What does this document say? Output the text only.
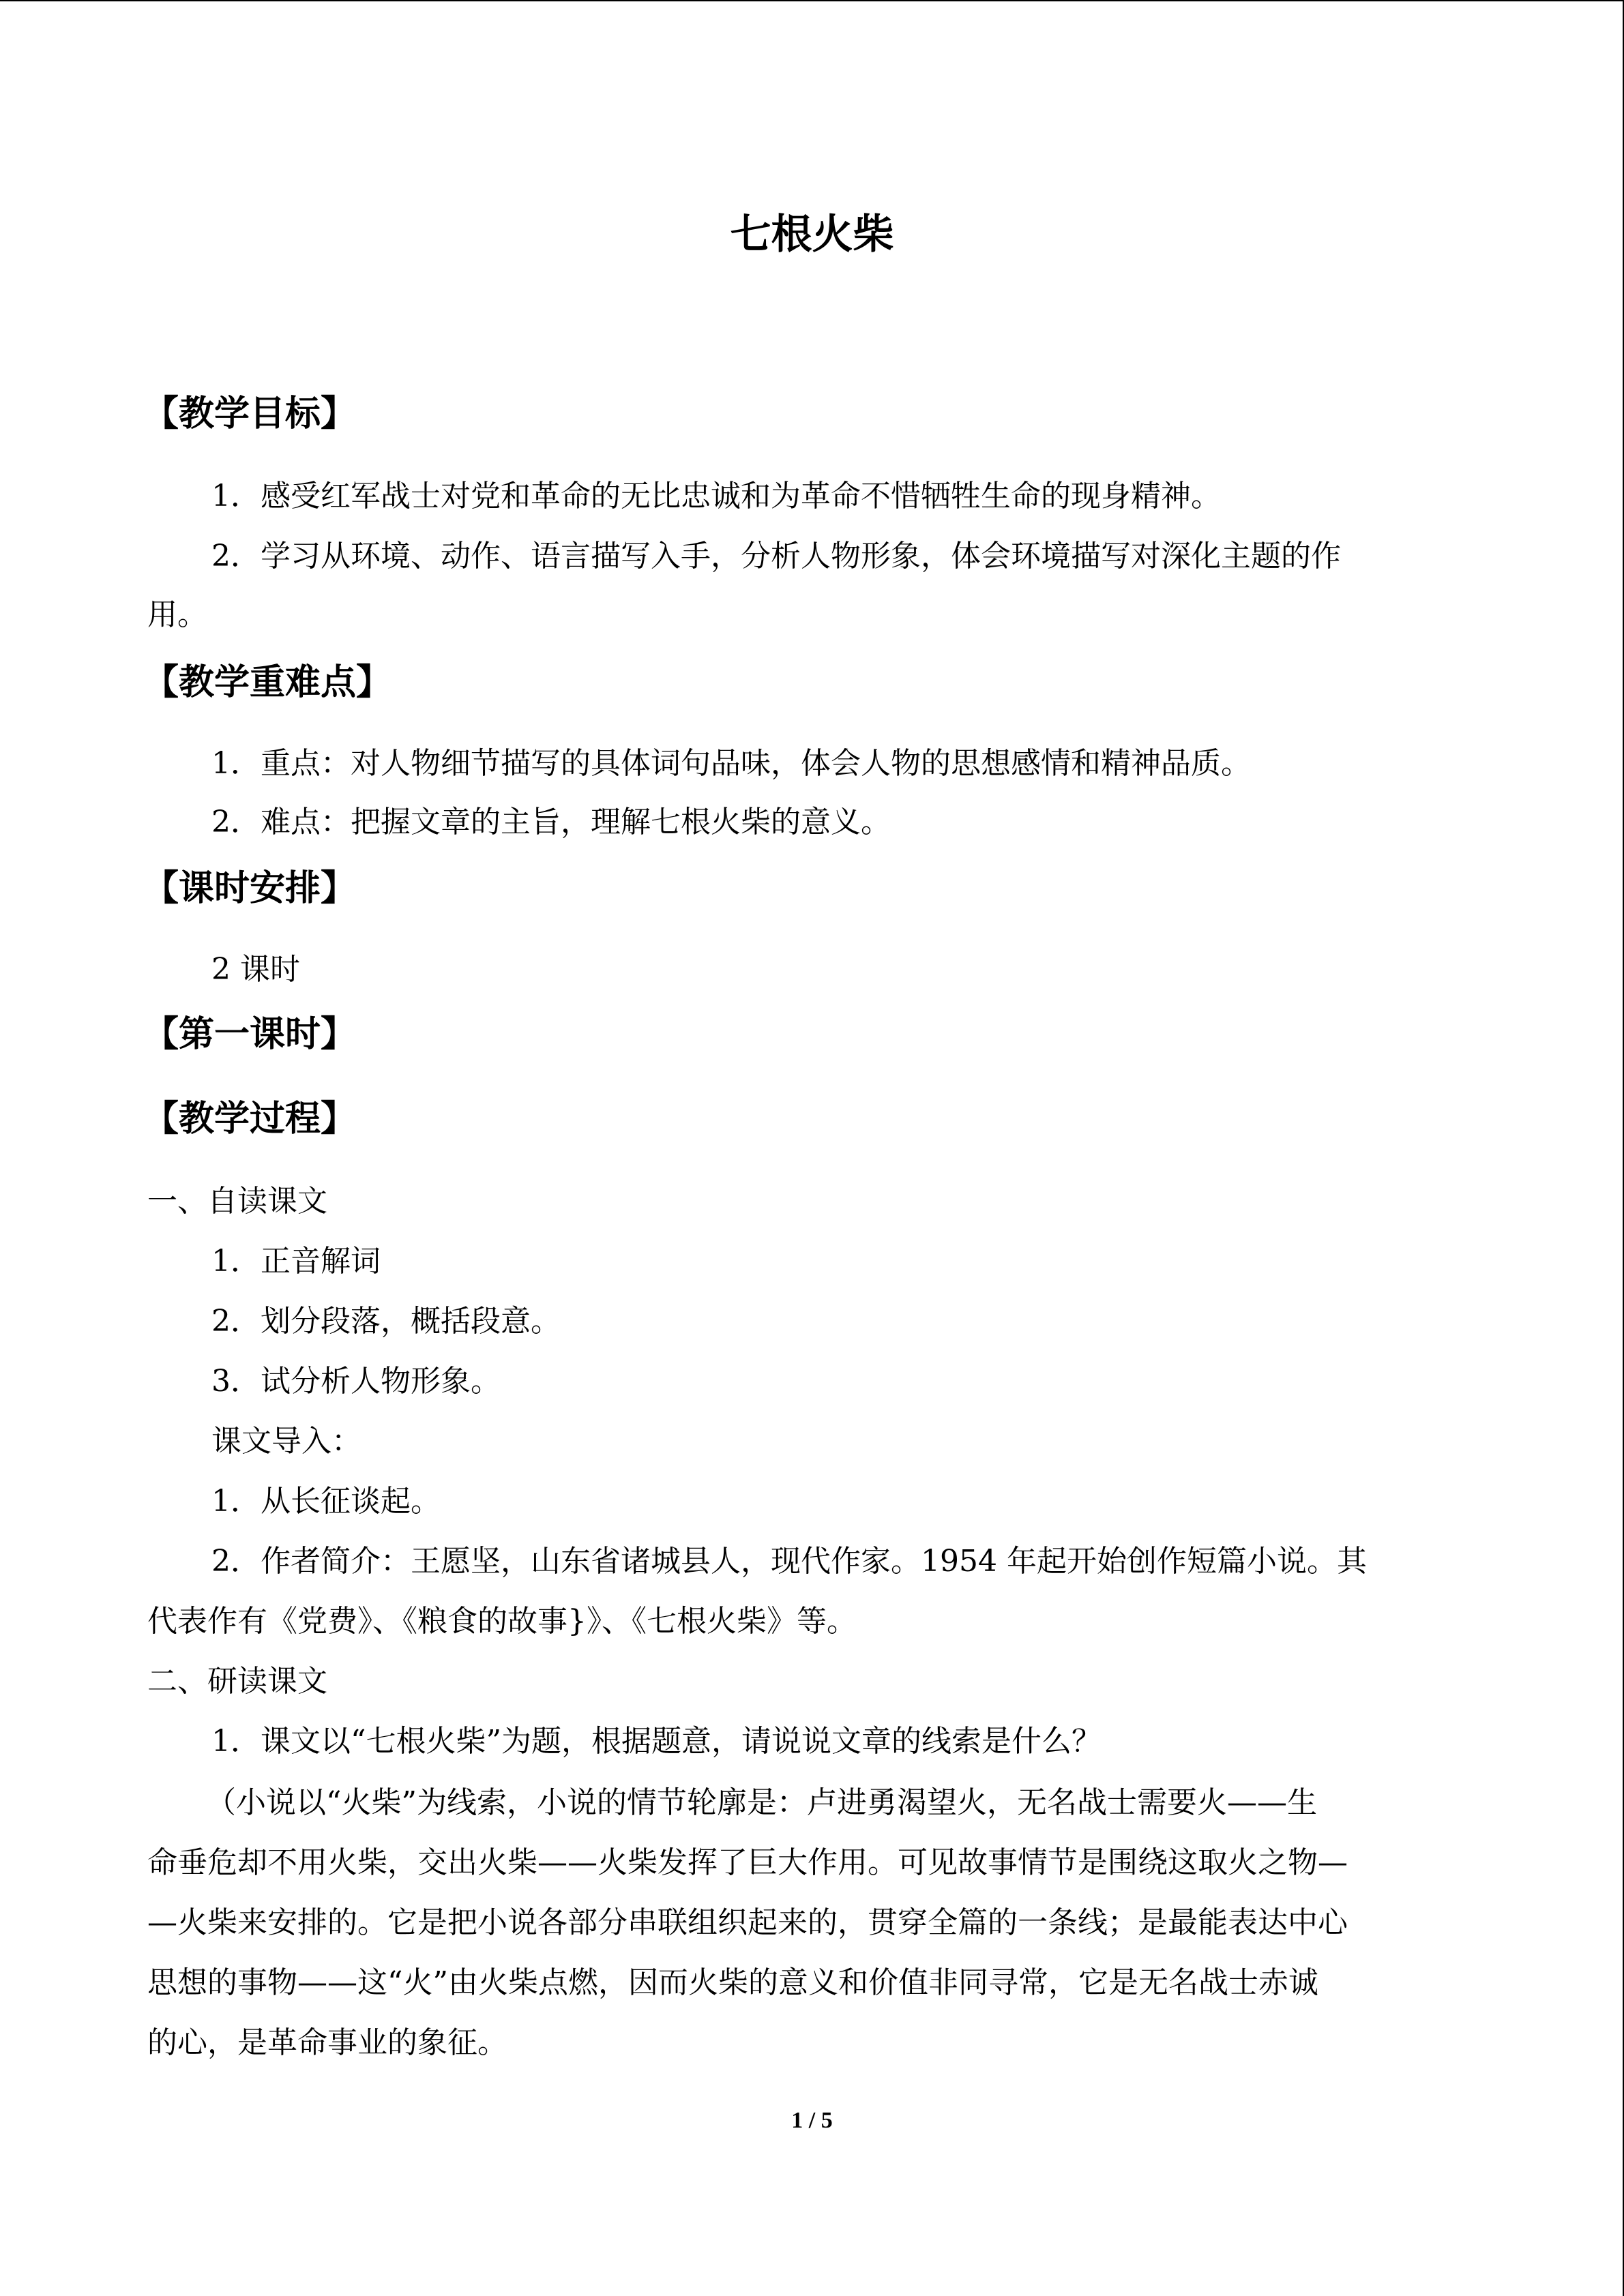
七根火柴
【教学目标】
1．感受红军战士对党和革命的无比忠诚和为革命不惜牺牲生命的现身精神。
2．学习从环境、动作、语言描写入手，分析人物形象，体会环境描写对深化主题的作
用。
【教学重难点】
1．重点：对人物细节描写的具体词句品味，体会人物的思想感情和精神品质。
2．难点：把握文章的主旨，理解七根火柴的意义。
【课时安排】
2 课时
【第一课时】
【教学过程】
一、自读课文
1．正音解词
2．划分段落，概括段意。
3．试分析人物形象。
课文导入：
1．从长征谈起。
2．作者简介：王愿坚，山东省诸城县人，现代作家。1954 年起开始创作短篇小说。其
代表作有《党费》、《粮食的故事}》、《七根火柴》等。
二、研读课文
1．课文以“七根火柴”为题，根据题意，请说说文章的线索是什么？
（小说以“火柴”为线索，小说的情节轮廓是：卢进勇渴望火，无名战士需要火——生
命垂危却不用火柴，交出火柴——火柴发挥了巨大作用。可见故事情节是围绕这取火之物—
—火柴来安排的。它是把小说各部分串联组织起来的，贯穿全篇的一条线；是最能表达中心
思想的事物——这“火”由火柴点燃，因而火柴的意义和价值非同寻常，它是无名战士赤诚
的心，是革命事业的象征。
1 / 5
